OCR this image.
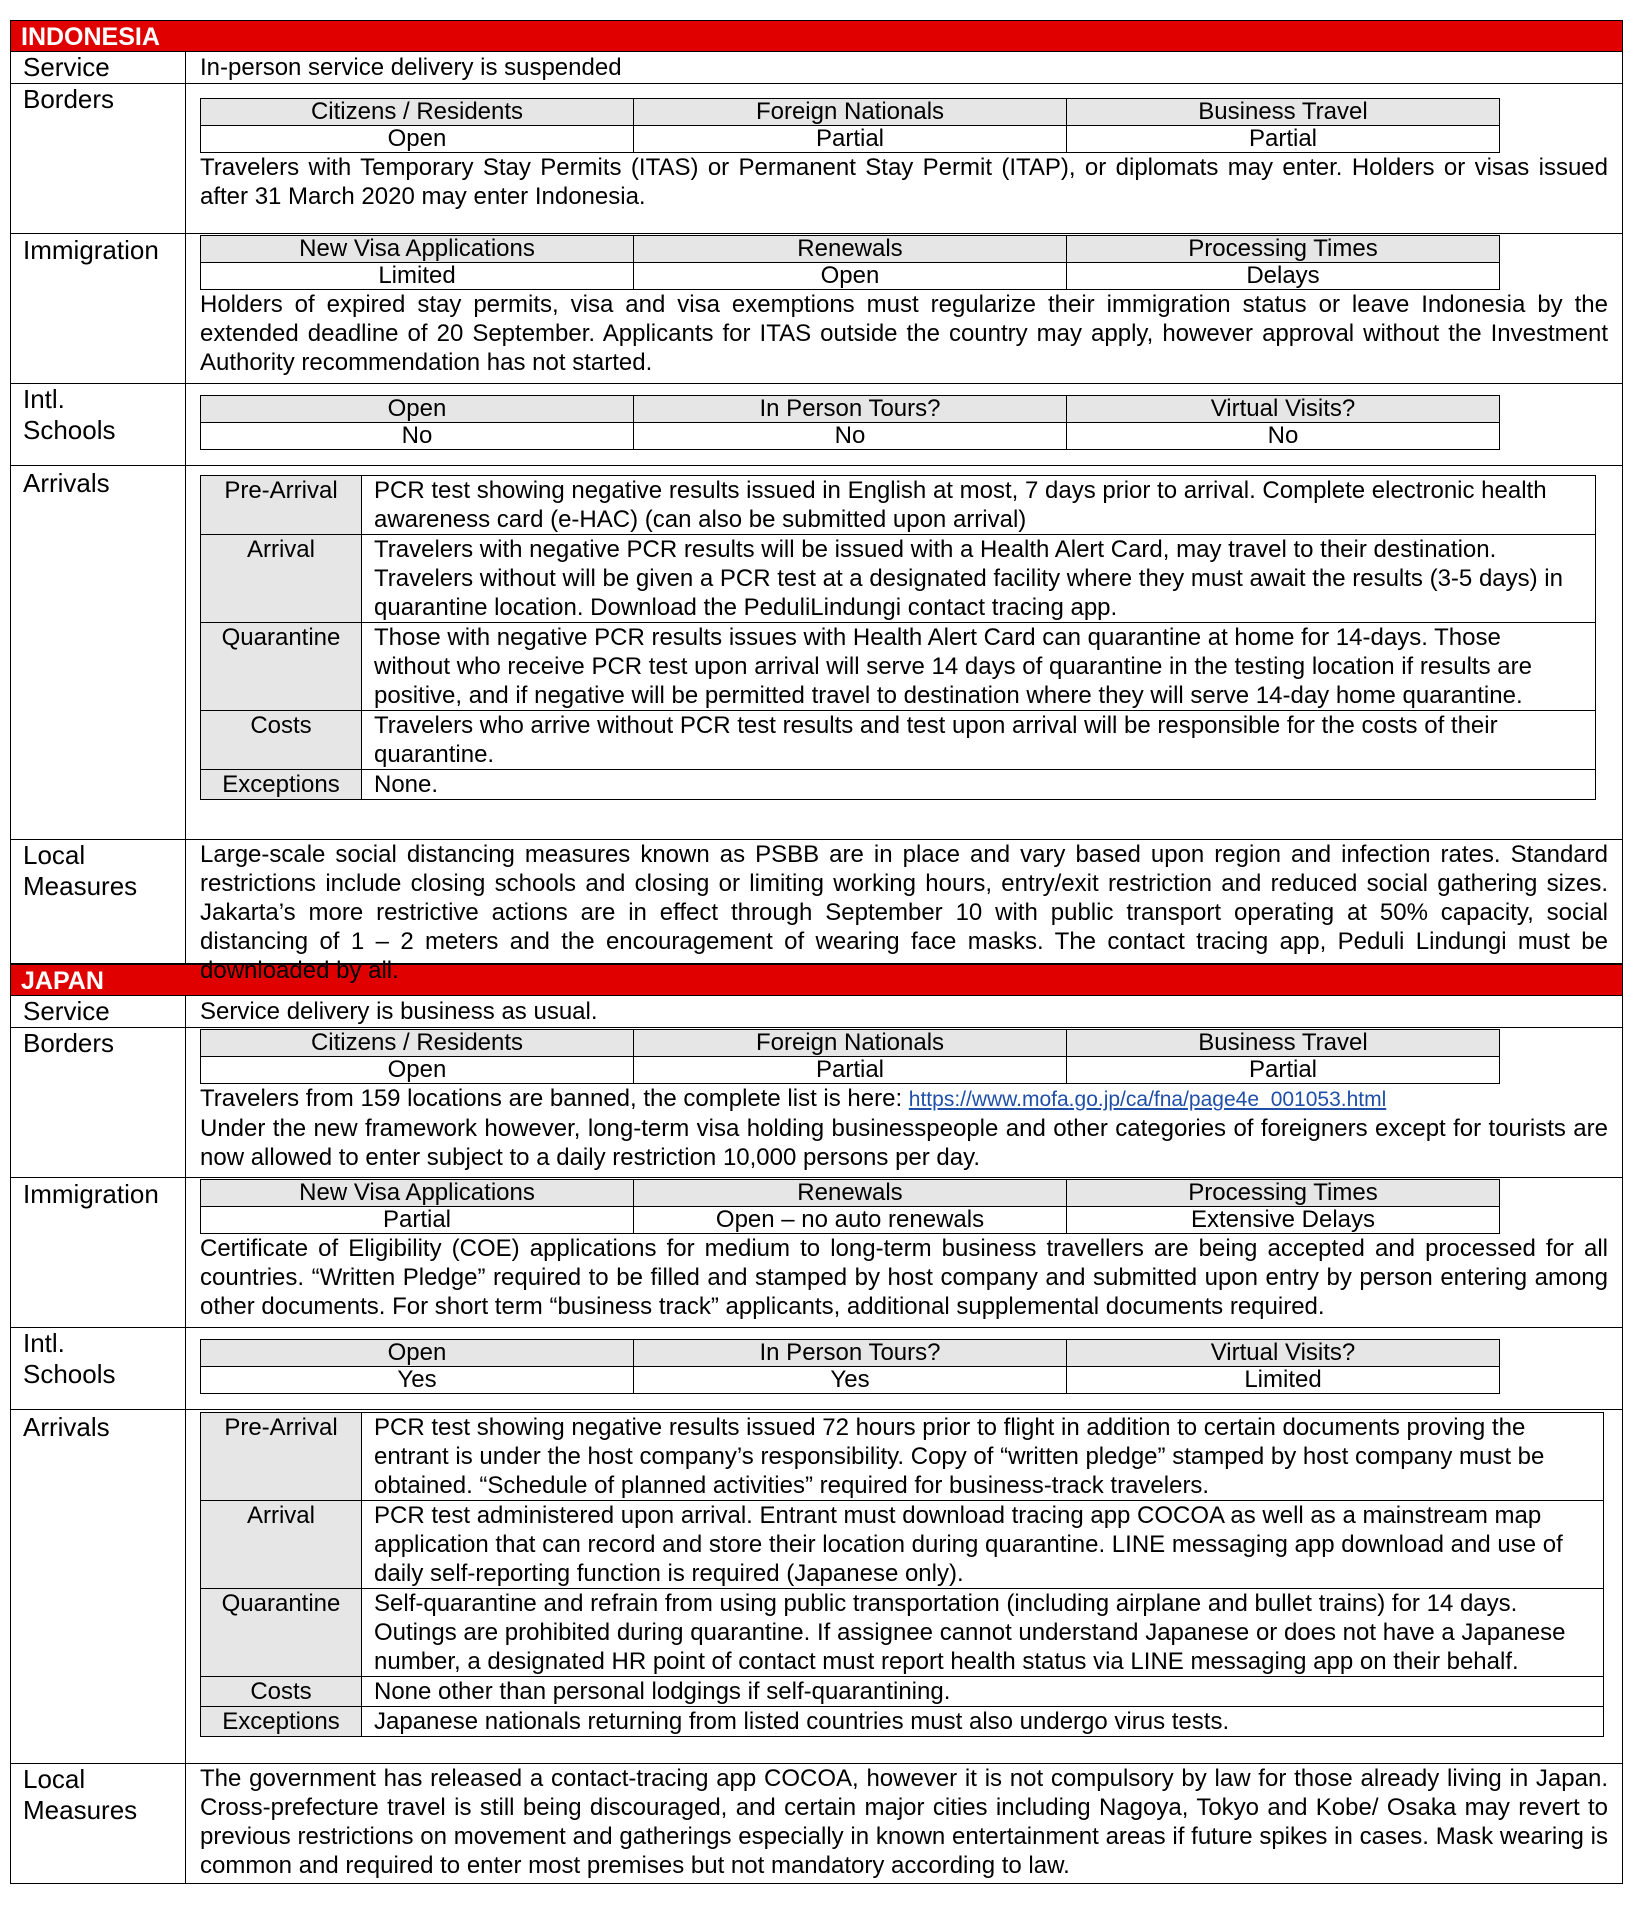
INDONESIA
Service	In-person service delivery is suspended

Borders	Citizens / Residents	Foreign Nationals	Business Travel
Open	Partial	Partial

Travelers with Temporary Stay Permits (ITAS) or Permanent Stay Permit (ITAP), or diplomats may enter. Holders or visas issued after 31 March 2020 may enter Indonesia.

Immigration	New Visa Applications	Renewals	Processing Times
Limited	Open	Delays

Holders of expired stay permits, visa and visa exemptions must regularize their immigration status or leave Indonesia by the extended deadline of 20 September. Applicants for ITAS outside the country may apply, however approval without the Investment Authority recommendation has not started.

Intl.
Schools
Open	In Person Tours?	Virtual Visits?
No	No	No
Arrivals	Pre-Arrival	PCR test showing negative results issued in English at most, 7 days prior to arrival. Complete electronic health awareness card (e-HAC) (can also be submitted upon arrival)
Arrival	Travelers with negative PCR results will be issued with a Health Alert Card, may travel to their destination. Travelers without will be given a PCR test at a designated facility where they must await the results (3-5 days) in quarantine location. Download the PeduliLindungi contact tracing app.
Quarantine	Those with negative PCR results issues with Health Alert Card can quarantine at home for 14-days. Those without who receive PCR test upon arrival will serve 14 days of quarantine in the testing location if results are positive, and if negative will be permitted travel to destination where they will serve 14-day home quarantine.
Costs	Travelers who arrive without PCR test results and test upon arrival will be responsible for the costs of their quarantine.
Exceptions	None.
Local
Measures

Large-scale social distancing measures known as PSBB are in place and vary based upon region and infection rates. Standard restrictions include closing schools and closing or limiting working hours, entry/exit restriction and reduced social gathering sizes. Jakarta’s more restrictive actions are in effect through September 10 with public transport operating at 50% capacity, social distancing of 1 – 2 meters and the encouragement of wearing face masks. The contact tracing app, Peduli Lindungi must be downloaded by all.

JAPAN
Service	Service delivery is business as usual.

Borders	Citizens / Residents	Foreign Nationals	Business Travel
Open	Partial	Partial

Travelers from 159 locations are banned, the complete list is here: https://www.mofa.go.jp/ca/fna/page4e_001053.html

Under the new framework however, long-term visa holding businesspeople and other categories of foreigners except for tourists are now allowed to enter subject to a daily restriction 10,000 persons per day.

Immigration	New Visa Applications	Renewals	Processing Times
Partial	Open – no auto renewals	Extensive Delays

Certificate of Eligibility (COE) applications for medium to long-term business travellers are being accepted and processed for all countries. “Written Pledge” required to be filled and stamped by host company and submitted upon entry by person entering among other documents. For short term “business track” applicants, additional supplemental documents required.

Intl.
Schools
Open	In Person Tours?	Virtual Visits?
Yes	Yes	Limited
Arrivals	Pre-Arrival	PCR test showing negative results issued 72 hours prior to flight in addition to certain documents proving the entrant is under the host company’s responsibility. Copy of “written pledge” stamped by host company must be obtained. “Schedule of planned activities” required for business-track travelers.
Arrival	PCR test administered upon arrival. Entrant must download tracing app COCOA as well as a mainstream map application that can record and store their location during quarantine. LINE messaging app download and use of daily self-reporting function is required (Japanese only).
Quarantine	Self-quarantine and refrain from using public transportation (including airplane and bullet trains) for 14 days. Outings are prohibited during quarantine. If assignee cannot understand Japanese or does not have a Japanese number, a designated HR point of contact must report health status via LINE messaging app on their behalf.
Costs	None other than personal lodgings if self-quarantining.
Exceptions	Japanese nationals returning from listed countries must also undergo virus tests.
Local
Measures

The government has released a contact-tracing app COCOA, however it is not compulsory by law for those already living in Japan. Cross-prefecture travel is still being discouraged, and certain major cities including Nagoya, Tokyo and Kobe/ Osaka may revert to previous restrictions on movement and gatherings especially in known entertainment areas if future spikes in cases. Mask wearing is common and required to enter most premises but not mandatory according to law.
